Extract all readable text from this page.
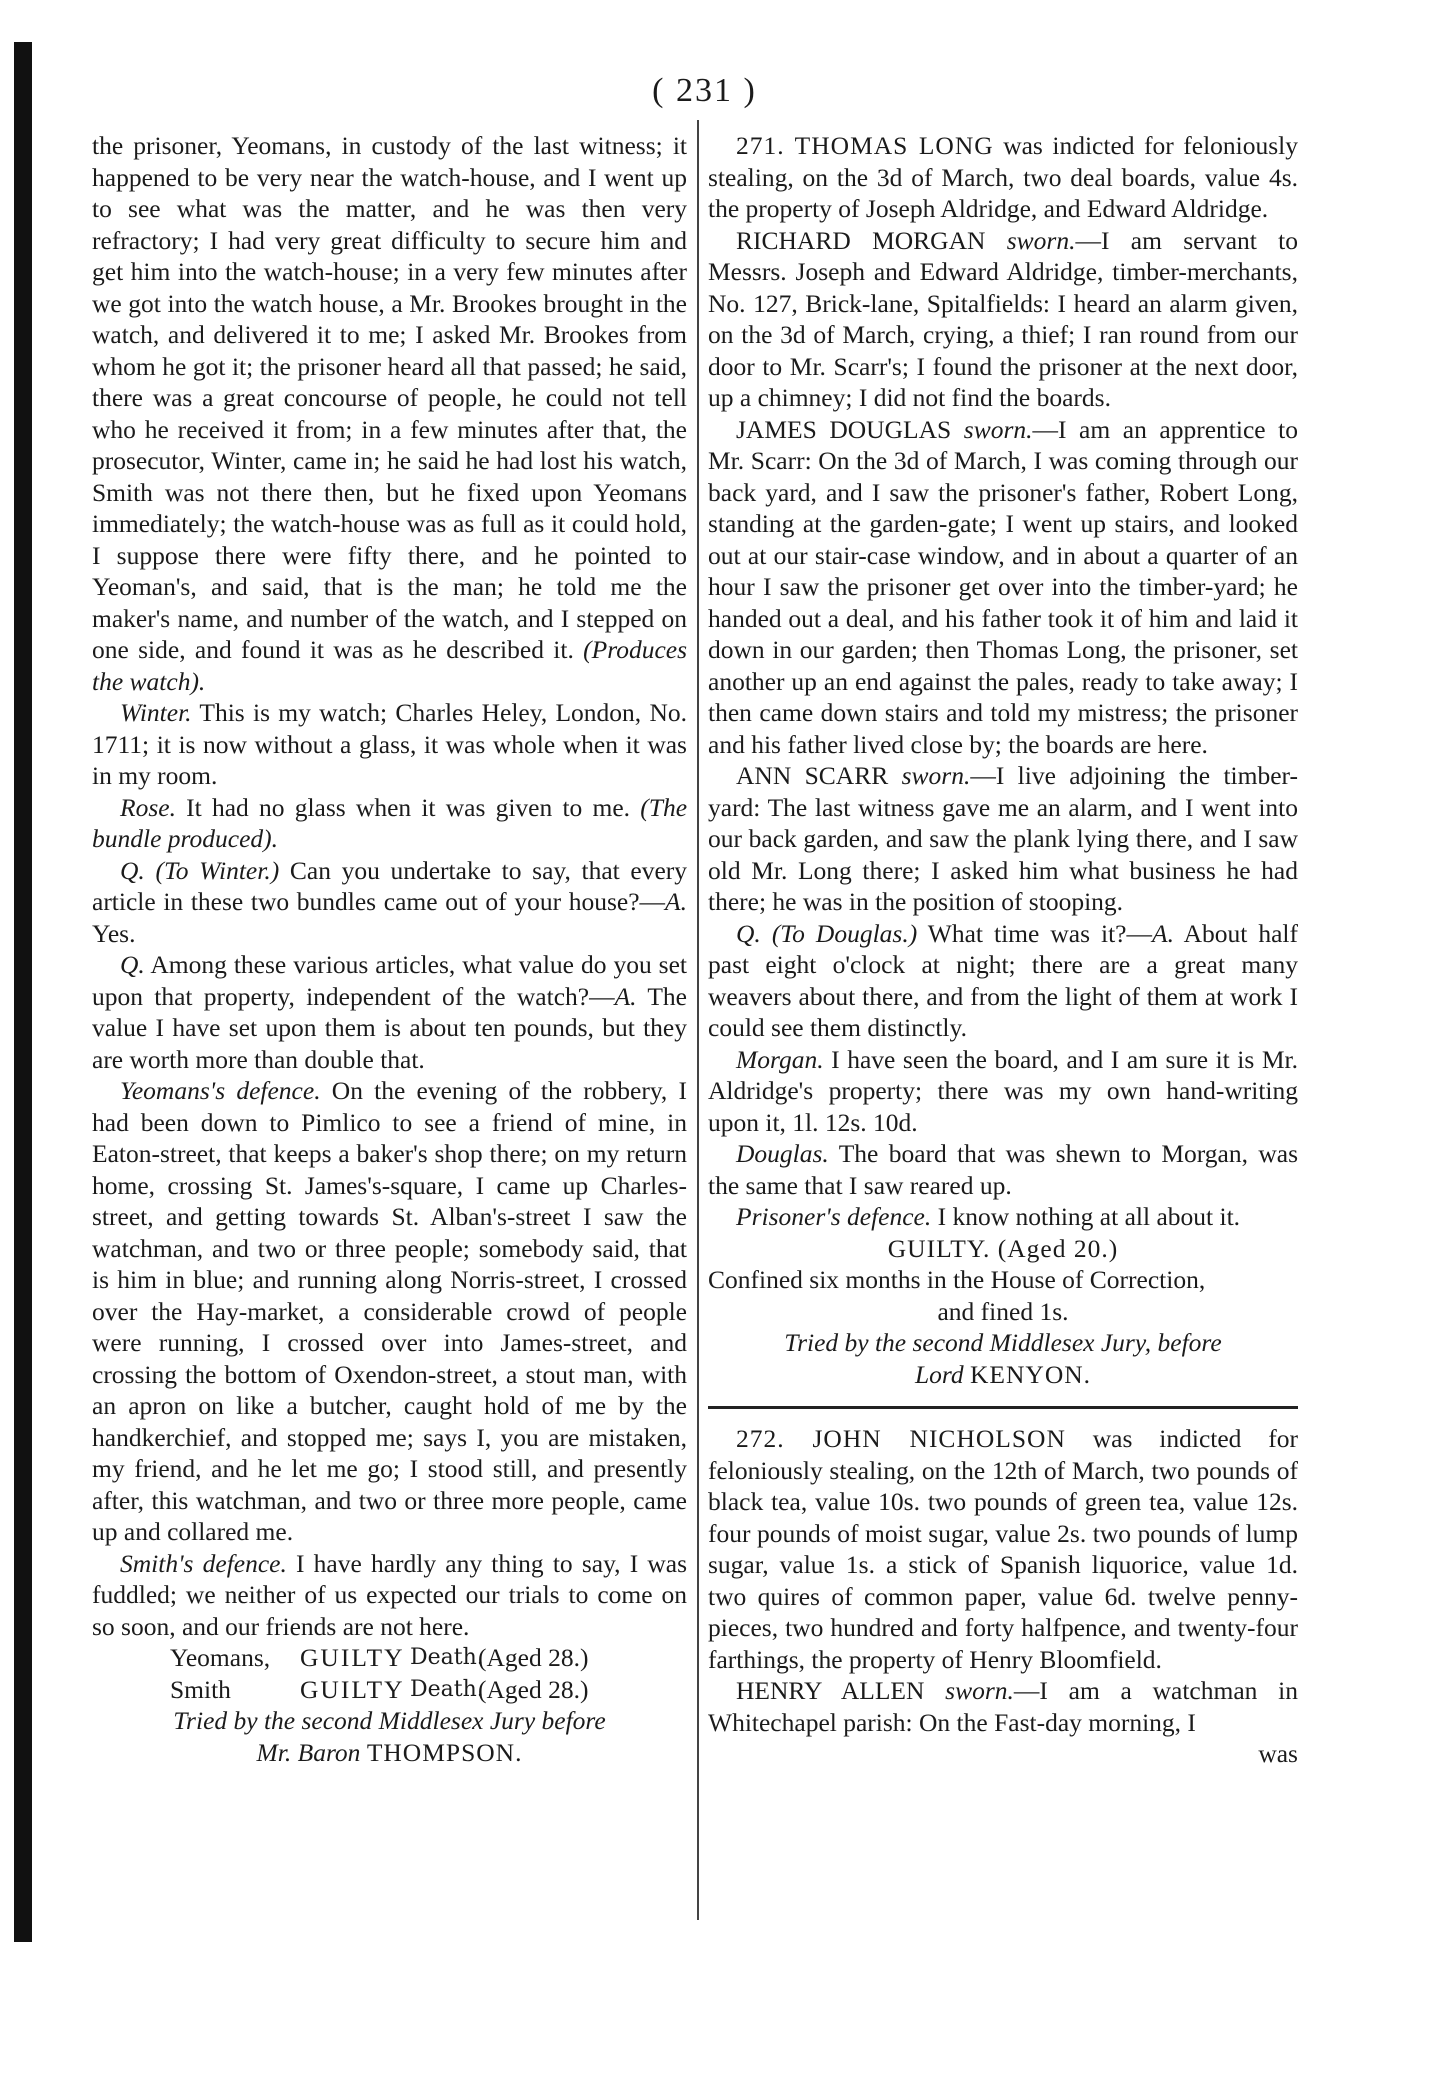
( 231 )

the prisoner, Yeomans, in custody of the last witness; it happened to be very near the watch-house, and I went up to see what was the matter, and he was then very refractory; I had very great difficulty to secure him and get him into the watch-house; in a very few minutes after we got into the watch house, a Mr. Brookes brought in the watch, and delivered it to me; I asked Mr. Brookes from whom he got it; the prisoner heard all that passed; he said, there was a great concourse of people, he could not tell who he received it from; in a few minutes after that, the prosecutor, Winter, came in; he said he had lost his watch, Smith was not there then, but he fixed upon Yeomans immediately; the watch-house was as full as it could hold, I suppose there were fifty there, and he pointed to Yeoman's, and said, that is the man; he told me the maker's name, and number of the watch, and I stepped on one side, and found it was as he described it. (Produces the watch).

Winter. This is my watch; Charles Heley, London, No. 1711; it is now without a glass, it was whole when it was in my room.

Rose. It had no glass when it was given to me. (The bundle produced).

Q. (To Winter.) Can you undertake to say, that every article in these two bundles came out of your house?—A. Yes.

Q. Among these various articles, what value do you set upon that property, independent of the watch?—A. The value I have set upon them is about ten pounds, but they are worth more than double that.

Yeomans's defence. On the evening of the robbery, I had been down to Pimlico to see a friend of mine, in Eaton-street, that keeps a baker's shop there; on my return home, crossing St. James's-square, I came up Charles-street, and getting towards St. Alban's-street I saw the watchman, and two or three people; somebody said, that is him in blue; and running along Norris-street, I crossed over the Hay-market, a considerable crowd of people were running, I crossed over into James-street, and crossing the bottom of Oxendon-street, a stout man, with an apron on like a butcher, caught hold of me by the handkerchief, and stopped me; says I, you are mistaken, my friend, and he let me go; I stood still, and presently after, this watchman, and two or three more people, came up and collared me.

Smith's defence. I have hardly any thing to say, I was fuddled; we neither of us expected our trials to come on so soon, and our friends are not here.

Yeomans,	GUILTY Death.
(Aged 28.)
Smith	GUILTY Death.
(Aged 28.)

Tried by the second Middlesex Jury before

Mr. Baron THOMPSON.

271. THOMAS LONG was indicted for feloniously stealing, on the 3d of March, two deal boards, value 4s. the property of Joseph Aldridge, and Edward Aldridge.

RICHARD MORGAN sworn.—I am servant to Messrs. Joseph and Edward Aldridge, timber-merchants, No. 127, Brick-lane, Spitalfields: I heard an alarm given, on the 3d of March, crying, a thief; I ran round from our door to Mr. Scarr's; I found the prisoner at the next door, up a chimney; I did not find the boards.

JAMES DOUGLAS sworn.—I am an apprentice to Mr. Scarr: On the 3d of March, I was coming through our back yard, and I saw the prisoner's father, Robert Long, standing at the garden-gate; I went up stairs, and looked out at our stair-case window, and in about a quarter of an hour I saw the prisoner get over into the timber-yard; he handed out a deal, and his father took it of him and laid it down in our garden; then Thomas Long, the prisoner, set another up an end against the pales, ready to take away; I then came down stairs and told my mistress; the prisoner and his father lived close by; the boards are here.

ANN SCARR sworn.—I live adjoining the timber-yard: The last witness gave me an alarm, and I went into our back garden, and saw the plank lying there, and I saw old Mr. Long there; I asked him what business he had there; he was in the position of stooping.

Q. (To Douglas.) What time was it?—A. About half past eight o'clock at night; there are a great many weavers about there, and from the light of them at work I could see them distinctly.

Morgan. I have seen the board, and I am sure it is Mr. Aldridge's property; there was my own hand-writing upon it, 1l. 12s. 10d.

Douglas. The board that was shewn to Morgan, was the same that I saw reared up.

Prisoner's defence. I know nothing at all about it.

GUILTY. (Aged 20.)

Confined six months in the House of Correction,

and fined 1s.

Tried by the second Middlesex Jury, before

Lord KENYON.

272. JOHN NICHOLSON was indicted for feloniously stealing, on the 12th of March, two pounds of black tea, value 10s. two pounds of green tea, value 12s. four pounds of moist sugar, value 2s. two pounds of lump sugar, value 1s. a stick of Spanish liquorice, value 1d. two quires of common paper, value 6d. twelve penny-pieces, two hundred and forty halfpence, and twenty-four farthings, the property of Henry Bloomfield.

HENRY ALLEN sworn.—I am a watchman in Whitechapel parish: On the Fast-day morning, I

was
